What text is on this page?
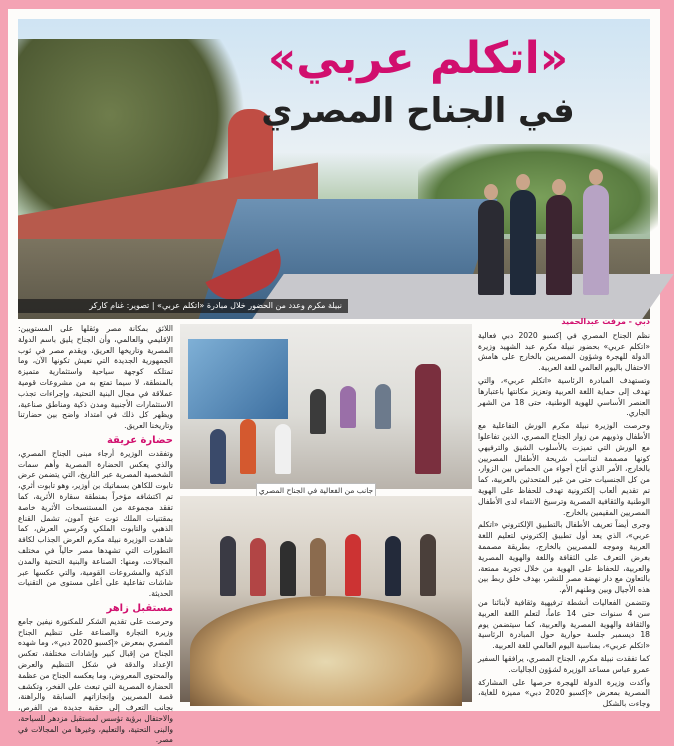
«اتكلم عربي»
في الجناح المصري
نبيلة مكرم وعدد من الحضور خلال مبادرة «اتكلم عربي» | تصوير: غنام كاركر
دبي - مرفت عبدالحميد

نظم الجناح المصري في إكسبو 2020 دبي فعالية «اتكلم عربي» بحضور نبيلة مكرم عبد الشهيد وزيرة الدولة للهجرة وشؤون المصريين بالخارج على هامش الاحتفال باليوم العالمي للغة العربية.

وتستهدف المبادرة الرئاسية «اتكلم عربي»، والتي تهدف إلى حماية اللغة العربية وتعزيز مكانتها باعتبارها العنصر الأساسي للهوية الوطنية، حتى 18 من الشهر الجاري.

وحرصت الوزيرة نبيلة مكرم الورش التفاعلية مع الأطفال وذويهم من زوار الجناح المصري، الذين تفاعلوا مع الورش التي تميزت بالأسلوب الشيق والترفيهي كونها مصممة لتناسب شريحة الأطفال المصريين بالخارج، الأمر الذي أتاح أجواء من الحماس بين الزوار، من كل الجنسيات حتى من غير المتحدثين بالعربية، كما تم تقديم ألعاب إلكترونية تهدف للحفاظ على الهوية الوطنية والثقافية المصرية وترسيخ الانتماء لدى الأطفال المصريين المقيمين بالخارج.

وجرى أيضاً تعريف الأطفال بالتطبيق الإلكتروني «اتكلم عربي»، الذي يعد أول تطبيق إلكتروني لتعليم اللغة العربية وموجه للمصريين بالخارج، بطريقة مصممة بغرض التعرف على الثقافة واللغة والهوية المصرية والعربية، للحفاظ على الهوية من خلال تجربة ممتعة، بالتعاون مع دار نهضة مصر للنشر، بهدف خلق ربط بين هذه الأجيال وبين وطنهم الأم.

وتتضمن الفعاليات أنشطة ترفيهية وثقافية لأبنائنا من سن 4 سنوات حتى 14 عاماً، لتعلم اللغة العربية والثقافة والهوية المصرية والعربية، كما سيتضمن يوم 18 ديسمبر جلسة حوارية حول المبادرة الرئاسية «اتكلم عربي»، بمناسبة اليوم العالمي للغة العربية.

كما تفقدت نبيلة مكرم، الجناح المصري، يرافقها السفير عمرو عباس مساعد الوزيرة لشؤون الجاليات.

وأكدت وزيرة الدولة للهجرة حرصها على المشاركة المصرية بمعرض «إكسبو 2020 دبي» مميزة للغاية، وجاءت بالشكل

جانب من الفعالية في الجناح المصري

اللائق بمكانة مصر وثقلها على المستويين: الإقليمي والعالمي، وأن الجناح يليق باسم الدولة المصرية وتاريخها العريق، ويقدم مصر في ثوب الجمهورية الجديدة التي نعيش تكونها الآن، وما تمتلكه كوجهة سياحية واستثمارية متميزة بالمنطقة، لا سيما تمتع به من مشروعات قومية عملاقة في مجال البنية التحتية، وإجراءات تجذب الاستثمارات الأجنبية ومدن ذكية ومناطق صناعية، ويظهر كل ذلك في امتداد واضح بين حضارتنا وتاريخنا العريق.

حضارة عريقة

وتفقدت الوزيرة أرجاء مبنى الجناح المصري، والذي يعكس الحضارة المصرية وأهم سمات الشخصية المصرية عبر التاريخ، التي يتضمن عرض تابوت للكاهن بسماتيك بن أوزير، وهو تابوت أثري، تم اكتشافه مؤخراً بمنطقة سقارة الأثرية، كما تفقد مجموعة من المستنسخات الأثرية خاصة بمقتنيات الملك توت عنخ آمون، تشمل القناع الذهبي والتابوت الملكي وكرسي العرش، كما شاهدت الوزيرة نبيلة مكرم العرض الجذاب لكافة التطورات التي تشهدها مصر حالياً في مختلف المجالات، ومنها: الصناعة والبنية التحتية والمدن الذكية والمشروعات القومية، والتي عكسها عبر شاشات تفاعلية على أعلى مستوى من التقنيات الحديثة.

مستقبل زاهر

وحرصت على تقديم الشكر للمكتورة نيفين جامع وزيرة التجارة والصناعة على تنظيم الجناح المصري بمعرض «إكسبو 2020 دبي»، وما شهده الجناح من إقبال كبير وإشادات مختلفة، تعكس الإعداد والدقة في شكل التنظيم والعرض والمحتوى المعروض، وما يعكسه الجناح من عظمة الحضارة المصرية التي تبعث على الفخر، وتكشف قصة المصريين وإنجازاتهم السابقة والراهنة، بجانب التعرف إلى حقبة جديدة من الفرص، والاحتفال برؤية تؤسس لمستقبل مزدهر للسياحة، والبنى التحتية، والتعليم، وغيرها من المجالات في مصر.
